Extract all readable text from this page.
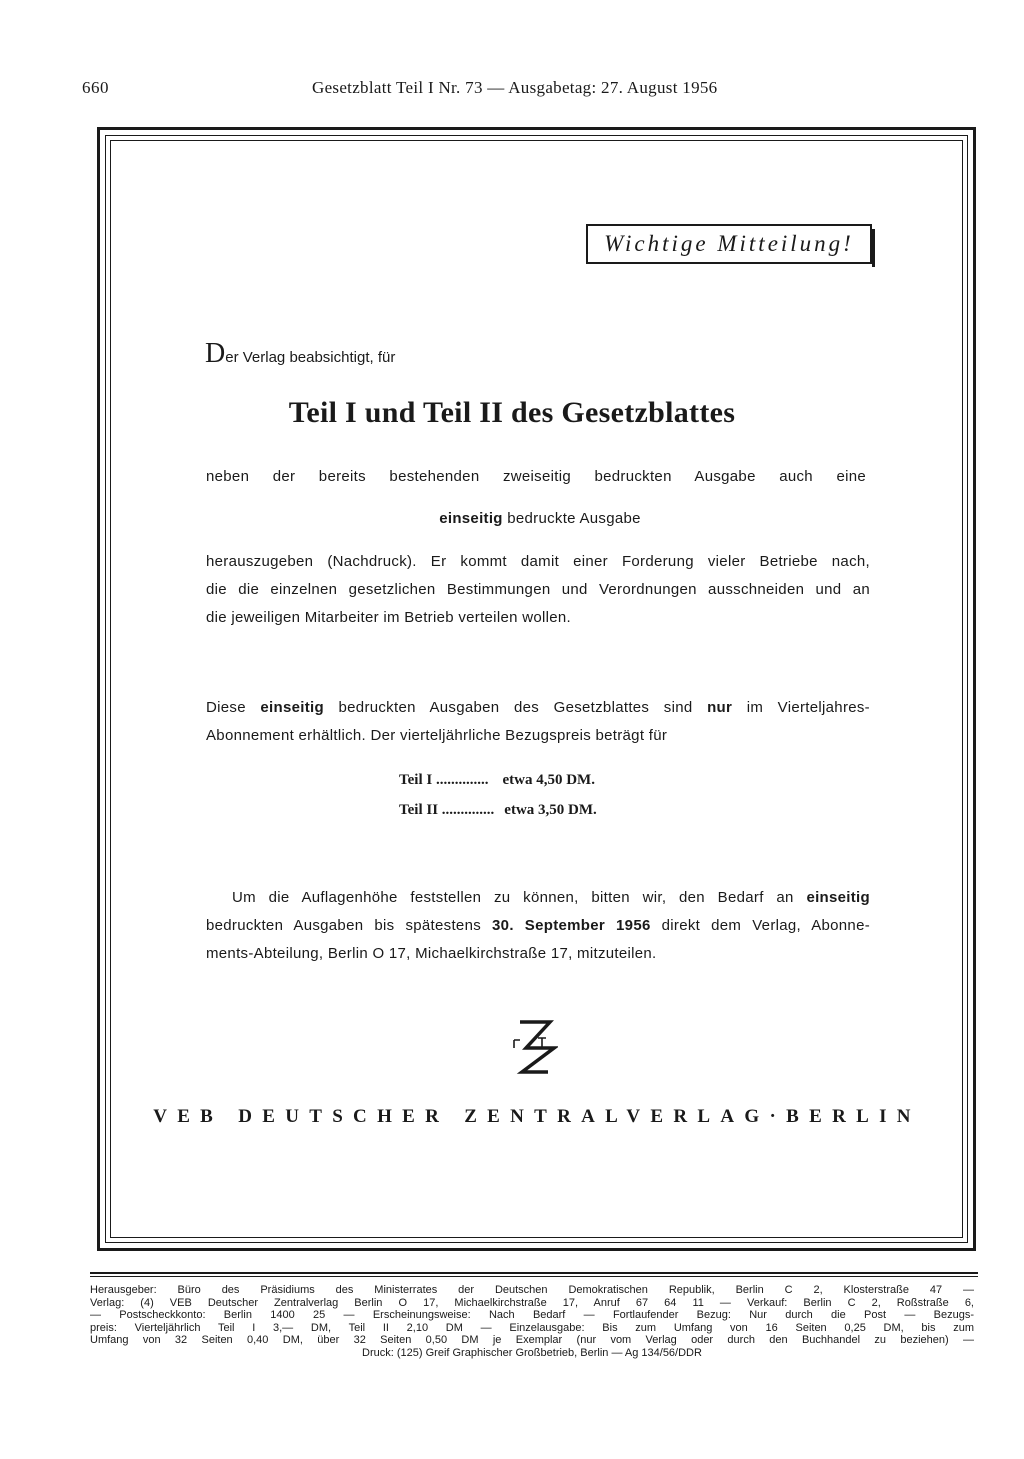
660	Gesetzblatt Teil I Nr. 73 — Ausgabetag: 27. August 1956
Wichtige Mitteilung!
Der Verlag beabsichtigt, für
Teil I und Teil II des Gesetzblattes
neben der bereits bestehenden zweiseitig bedruckten Ausgabe auch eine
einseitig bedruckte Ausgabe
herauszugeben (Nachdruck). Er kommt damit einer Forderung vieler Betriebe nach,
die die einzelnen gesetzlichen Bestimmungen und Verordnungen ausschneiden und an
die jeweiligen Mitarbeiter im Betrieb verteilen wollen.
Diese einseitig bedruckten Ausgaben des Gesetzblattes sind nur im Vierteljahres-
Abonnement erhältlich. Der vierteljährliche Bezugspreis beträgt für
Teil I .............. etwa 4,50 DM.
Teil II .............. etwa 3,50 DM.
Um die Auflagenhöhe feststellen zu können, bitten wir, den Bedarf an einseitig
bedruckten Ausgaben bis spätestens 30. September 1956 direkt dem Verlag, Abonne-
ments-Abteilung, Berlin O 17, Michaelkirchstraße 17, mitzuteilen.
VEB DEUTSCHER ZENTRALVERLAG·BERLIN
Herausgeber: Büro des Präsidiums des Ministerrates der Deutschen Demokratischen Republik, Berlin C 2, Klosterstraße 47 —
Verlag: (4) VEB Deutscher Zentralverlag Berlin O 17, Michaelkirchstraße 17, Anruf 67 64 11 — Verkauf: Berlin C 2, Roßstraße 6,
— Postscheckkonto: Berlin 1400 25 — Erscheinungsweise: Nach Bedarf — Fortlaufender Bezug: Nur durch die Post — Bezugs-
preis: Vierteljährlich Teil I 3,— DM, Teil II 2,10 DM — Einzelausgabe: Bis zum Umfang von 16 Seiten 0,25 DM, bis zum
Umfang von 32 Seiten 0,40 DM, über 32 Seiten 0,50 DM je Exemplar (nur vom Verlag oder durch den Buchhandel zu beziehen) —
Druck: (125) Greif Graphischer Großbetrieb, Berlin — Ag 134/56/DDR
